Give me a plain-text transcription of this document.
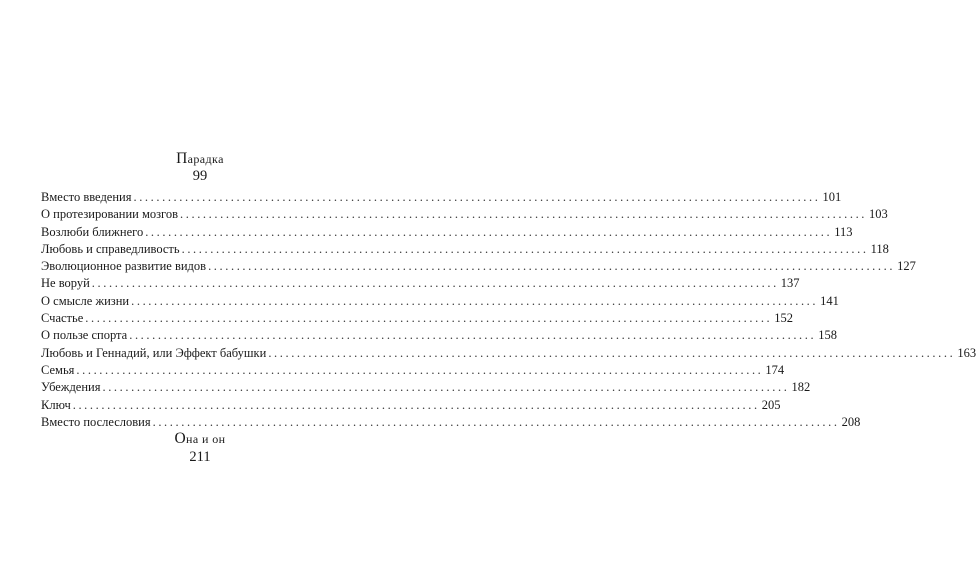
Парадка
99
Вместо введения ........................................................................................................................ 101
О протезировании мозгов ........................................................................................................................ 103
Возлюби ближнего ........................................................................................................................ 113
Любовь и справедливость ........................................................................................................................ 118
Эволюционное развитие видов ........................................................................................................................ 127
Не воруй ........................................................................................................................ 137
О смысле жизни ........................................................................................................................ 141
Счастье ........................................................................................................................ 152
О пользе спорта ........................................................................................................................ 158
Любовь и Геннадий, или Эффект бабушки ........................................................................................................................ 163
Семья ........................................................................................................................ 174
Убеждения ........................................................................................................................ 182
Ключ ........................................................................................................................ 205
Вместо послесловия ........................................................................................................................ 208
Она и он
211
